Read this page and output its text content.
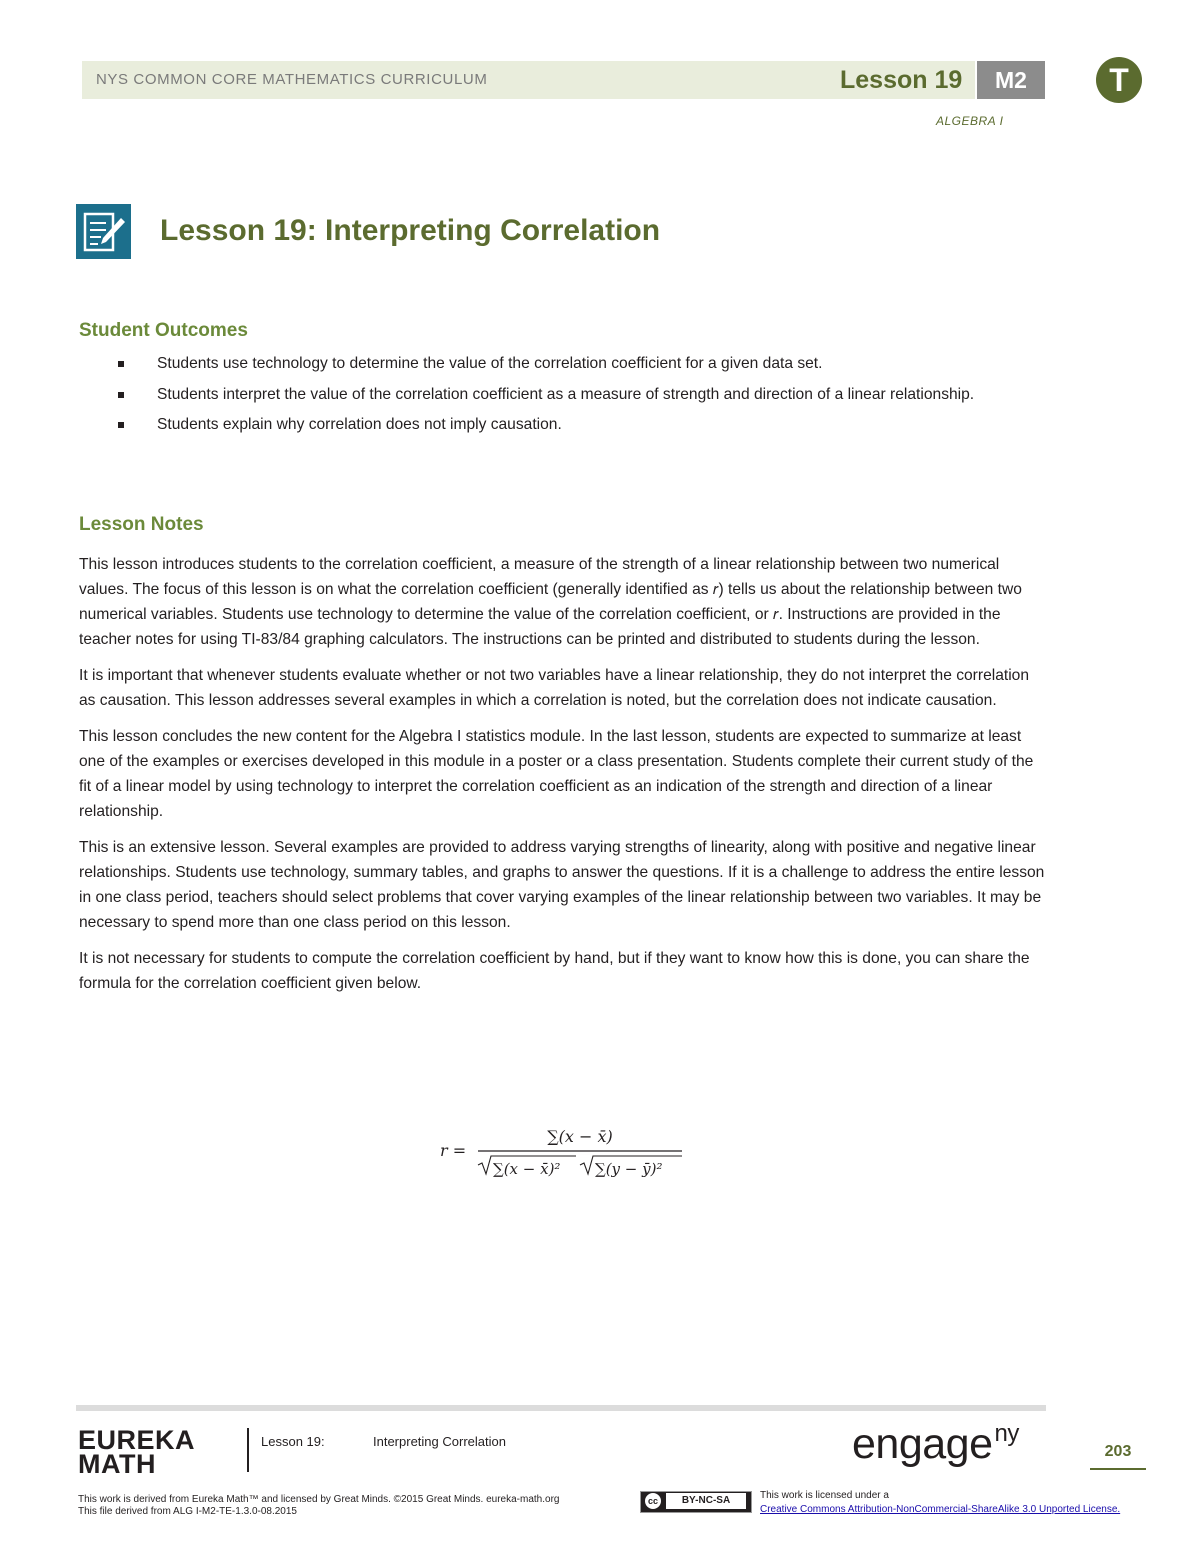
NYS COMMON CORE MATHEMATICS CURRICULUM	Lesson 19	M2	T
ALGEBRA I
Lesson 19: Interpreting Correlation
Student Outcomes
Students use technology to determine the value of the correlation coefficient for a given data set.
Students interpret the value of the correlation coefficient as a measure of strength and direction of a linear relationship.
Students explain why correlation does not imply causation.
Lesson Notes

This lesson introduces students to the correlation coefficient, a measure of the strength of a linear relationship between two numerical values. The focus of this lesson is on what the correlation coefficient (generally identified as 𝑟) tells us about the relationship between two numerical variables. Students use technology to determine the value of the correlation coefficient, or 𝑟. Instructions are provided in the teacher notes for using TI-83/84 graphing calculators. The instructions can be printed and distributed to students during the lesson.

It is important that whenever students evaluate whether or not two variables have a linear relationship, they do not interpret the correlation as causation. This lesson addresses several examples in which a correlation is noted, but the correlation does not indicate causation.

This lesson concludes the new content for the Algebra I statistics module. In the last lesson, students are expected to summarize at least one of the examples or exercises developed in this module in a poster or a class presentation. Students complete their current study of the fit of a linear model by using technology to interpret the correlation coefficient as an indication of the strength and direction of a linear relationship.

This is an extensive lesson. Several examples are provided to address varying strengths of linearity, along with positive and negative linear relationships. Students use technology, summary tables, and graphs to answer the questions. If it is a challenge to address the entire lesson in one class period, teachers should select problems that cover varying examples of the linear relationship between two variables. It may be necessary to spend more than one class period on this lesson.

It is not necessary for students to compute the correlation coefficient by hand, but if they want to know how this is done, you can share the formula for the correlation coefficient given below.

𝑟 =
∑(𝑥 − 𝑥̄)
∑(𝑥 − 𝑥̄)² ∑(𝑦 − 𝑦̄)²
EUREKA
MATH
Lesson 19:	Interpreting Correlation	engage$^{ny}$
203
This work is derived from Eureka Math™ and licensed by Great Minds. ©2015 Great Minds. eureka-math.org
This file derived from ALG I-M2-TE-1.3.0-08.2015
cc	BY-NC-SA	This work is licensed under a
Creative Commons Attribution-NonCommercial-ShareAlike 3.0 Unported License.
